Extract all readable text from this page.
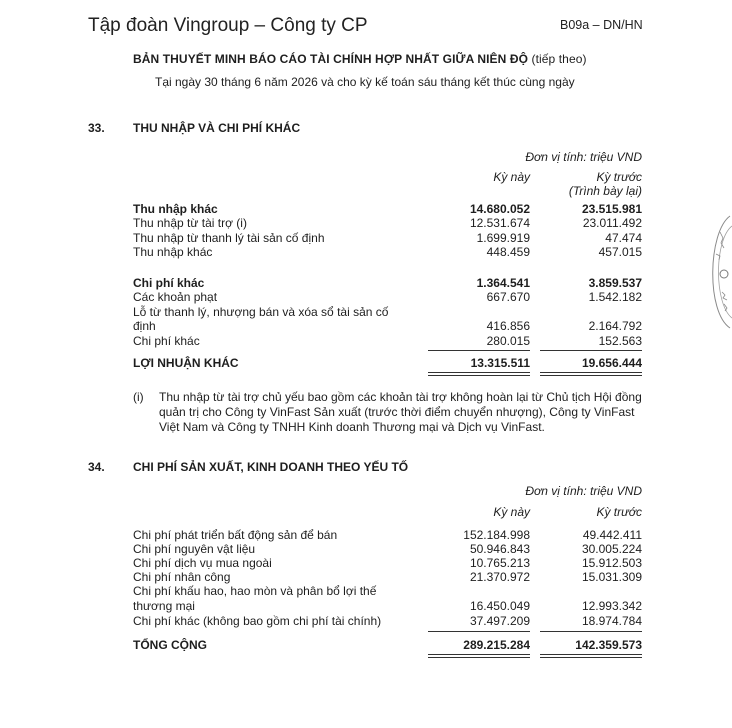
Tập đoàn Vingroup – Công ty CP	B09a – DN/HN
BẢN THUYẾT MINH BÁO CÁO TÀI CHÍNH HỢP NHẤT GIỮA NIÊN ĐỘ (tiếp theo)
Tại ngày 30 tháng 6 năm 2026 và cho kỳ kế toán sáu tháng kết thúc cùng ngày
33. THU NHẬP VÀ CHI PHÍ KHÁC
Đơn vị tính: triệu VND
Kỳ này	Kỳ trước
(Trình bày lại)
Thu nhập khác	14.680.052	23.515.981
Thu nhập từ tài trợ (i)	12.531.674	23.011.492
Thu nhập từ thanh lý tài sản cố định	1.699.919	47.474
Thu nhập khác	448.459	457.015
Chi phí khác	1.364.541	3.859.537
Các khoản phạt	667.670	1.542.182
Lỗ từ thanh lý, nhượng bán và xóa sổ tài sản cố
định	416.856	2.164.792
Chi phí khác	280.015	152.563
LỢI NHUẬN KHÁC	13.315.511	19.656.444
(i) Thu nhập từ tài trợ chủ yếu bao gồm các khoản tài trợ không hoàn lại từ Chủ tịch Hội đồng quản trị cho Công ty VinFast Sản xuất (trước thời điểm chuyển nhượng), Công ty VinFast Việt Nam và Công ty TNHH Kinh doanh Thương mại và Dịch vụ VinFast.
34. CHI PHÍ SẢN XUẤT, KINH DOANH THEO YẾU TỐ
Đơn vị tính: triệu VND
Kỳ này	Kỳ trước
Chi phí phát triển bất động sản để bán	152.184.998	49.442.411
Chi phí nguyên vật liệu	50.946.843	30.005.224
Chi phí dịch vụ mua ngoài	10.765.213	15.912.503
Chi phí nhân công	21.370.972	15.031.309
Chi phí khấu hao, hao mòn và phân bổ lợi thế
thương mại	16.450.049	12.993.342
Chi phí khác (không bao gồm chi phí tài chính)	37.497.209	18.974.784
TỔNG CỘNG	289.215.284	142.359.573
